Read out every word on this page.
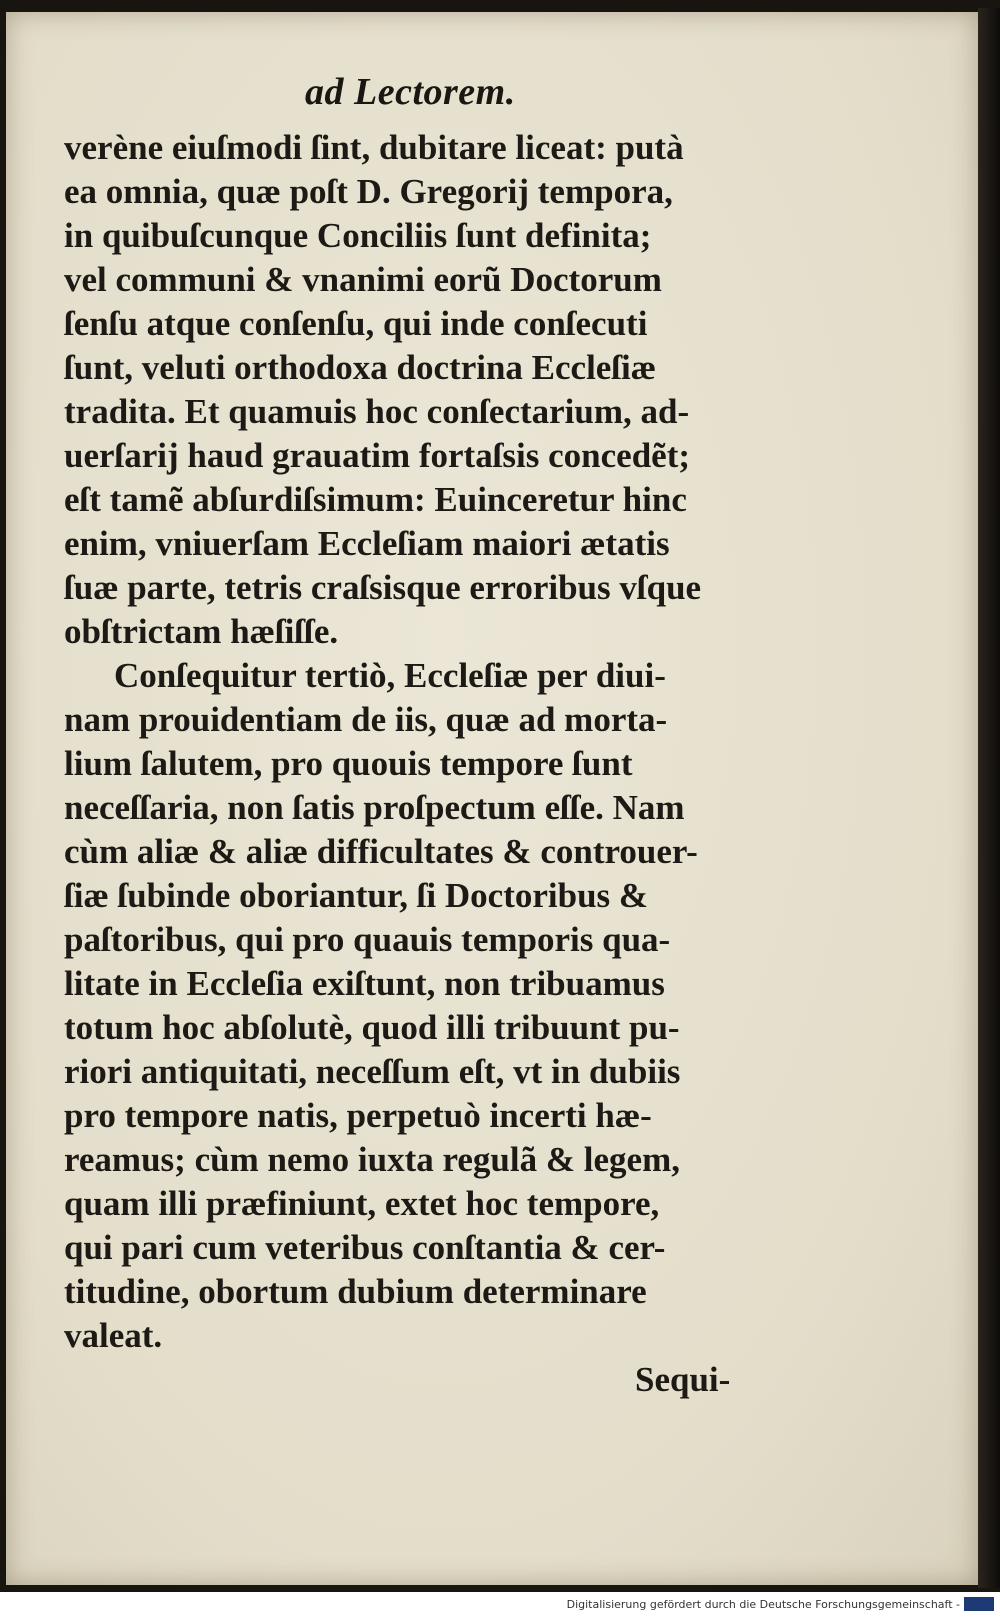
ad Lectorem.
verène eiuſmodi ſint, dubitare liceat: putà
ea omnia, quæ poſt D. Gregorij tempora,
in quibuſcunque Conciliis ſunt definita;
vel communi & vnanimi eorũ Doctorum
ſenſu atque conſenſu, qui inde conſecuti
ſunt, veluti orthodoxa doctrina Eccleſiæ
tradita. Et quamuis hoc conſectarium, ad-
uerſarij haud grauatim fortaſsis concedẽt;
eſt tamẽ abſurdiſsimum: Euinceretur hinc
enim, vniuerſam Eccleſiam maiori ætatis
ſuæ parte, tetris craſsisque erroribus vſque
obſtrictam hæſiſſe.
Conſequitur tertiò, Eccleſiæ per diui-
nam prouidentiam de iis, quæ ad morta-
lium ſalutem, pro quouis tempore ſunt
neceſſaria, non ſatis proſpectum eſſe. Nam
cùm aliæ & aliæ difficultates & controuer-
ſiæ ſubinde oboriantur, ſi Doctoribus &
paſtoribus, qui pro quauis temporis qua-
litate in Eccleſia exiſtunt, non tribuamus
totum hoc abſolutè, quod illi tribuunt pu-
riori antiquitati, neceſſum eſt, vt in dubiis
pro tempore natis, perpetuò incerti hæ-
reamus; cùm nemo iuxta regulã & legem,
quam illi præfiniunt, extet hoc tempore,
qui pari cum veteribus conſtantia & cer-
titudine, obortum dubium determinare
valeat.
Sequi-
Digitalisierung gefördert durch die Deutsche Forschungsgemeinschaft -
